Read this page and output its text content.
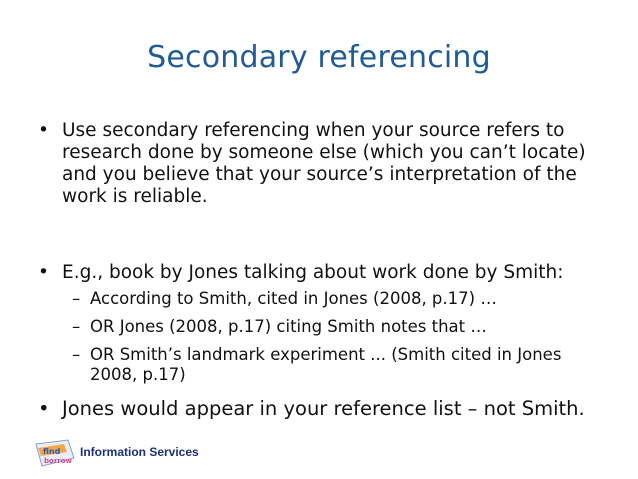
Secondary referencing
• Use secondary referencing when your source refers to research done by someone else (which you can’t locate) and you believe that your source’s interpretation of the work is reliable.
• E.g., book by Jones talking about work done by Smith:
– According to Smith, cited in Jones (2008, p.17) …
– OR Jones (2008, p.17) citing Smith notes that …
– OR Smith’s landmark experiment ... (Smith cited in Jones 2008, p.17)
• Jones would appear in your reference list – not Smith.
find
borrow
Information Services
